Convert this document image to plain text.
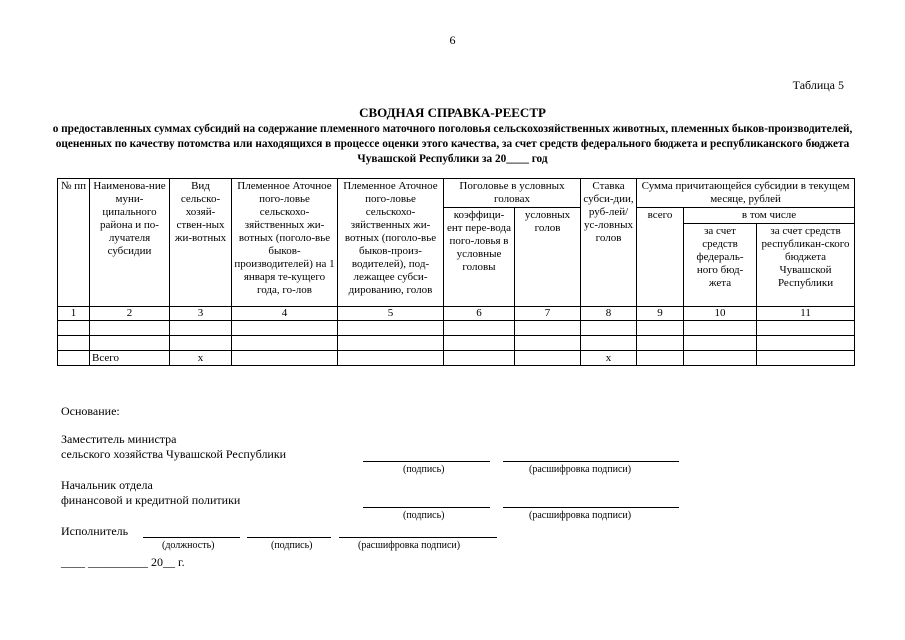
6
Таблица 5
СВОДНАЯ СПРАВКА-РЕЕСТР
о предоставленных суммах субсидий на содержание племенного маточного поголовья сельскохозяйственных животных, племенных быков-производителей, оцененных по качеству потомства или находящихся в процессе оценки этого качества, за счет средств федерального бюджета и республиканского бюджета Чувашской Республики за 20____ год
№ пп	Наименова-ние муни-ципального района и по-лучателя субсидии	Вид сельско-хозяй-ствен-ных жи-вотных	Племенное Аточное пого-ловье сельскохо-зяйственных жи-вотных (поголо-вье быков-производителей) на 1 января те-кущего года, го-лов	Племенное Аточное пого-ловье сельскохо-зяйственных жи-вотных (поголо-вье быков-произ-водителей), под-лежащее субси-дированию, голов	Поголовье в условных головах		Ставка субси-дии, руб-лей/ус-ловных голов	Сумма причитающейся субсидии в текущем месяце, рублей		
					коэффици-ент пере-вода пого-ловья в условные головы	условных голов		всего	в том числе	
									за счет средств федераль-ного бюд-жета	за счет средств республикан-ского бюджета Чувашской Республики
1	2	3	4	5	6	7	8	9	10	11

	Всего	х					х			
Основание:
Заместитель министра
сельского хозяйства Чувашской Республики
(подпись)	(расшифровка подписи)
Начальник отдела
финансовой и кредитной политики
(подпись)	(расшифровка подписи)
Исполнитель
(должность)	(подпись)	(расшифровка подписи)
____ __________ 20__ г.
